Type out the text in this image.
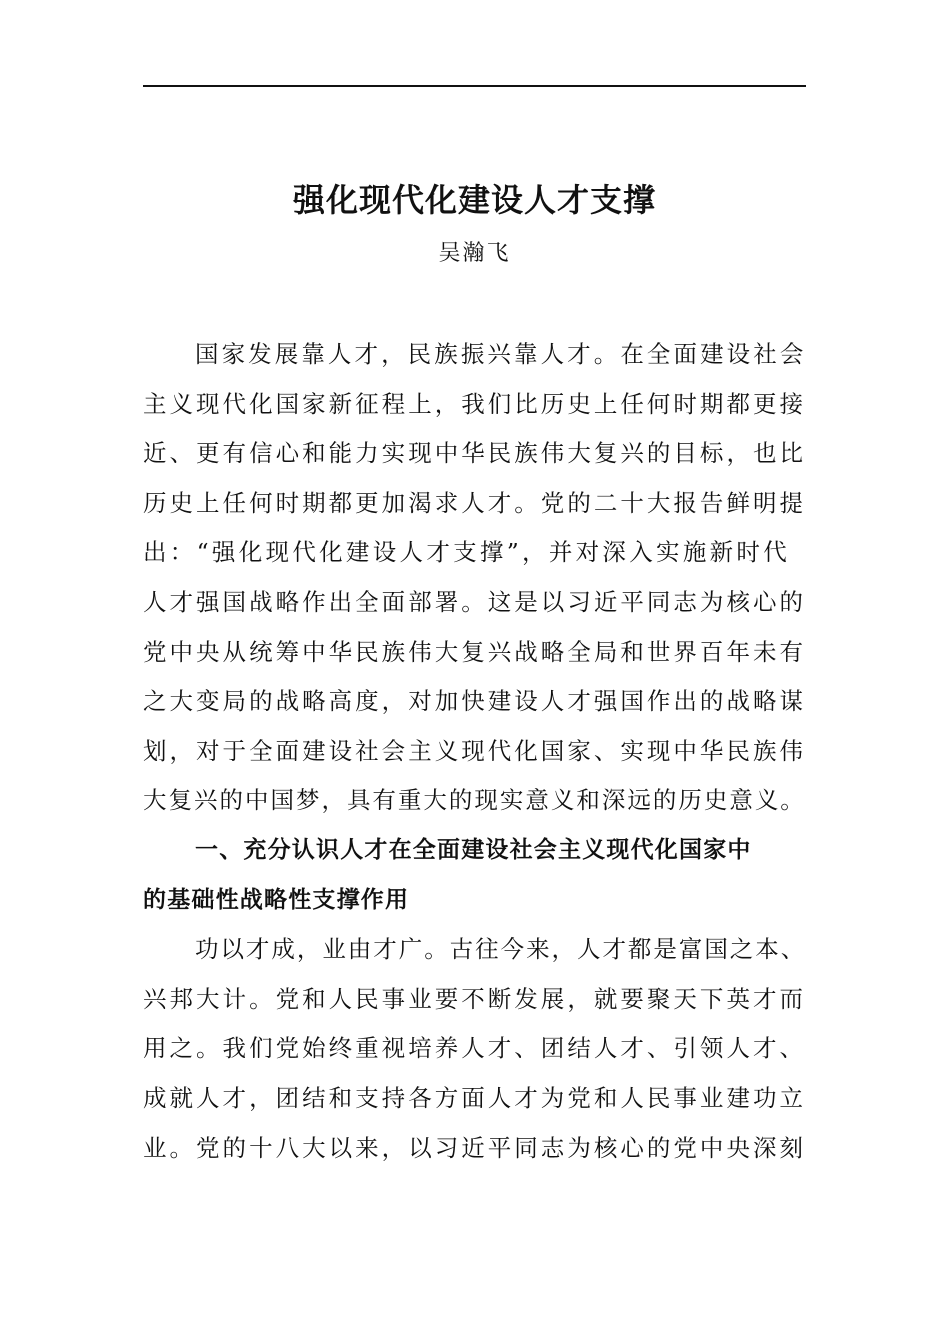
强化现代化建设人才支撑
吴瀚飞
国家发展靠人才，民族振兴靠人才。在全面建设社会
主义现代化国家新征程上，我们比历史上任何时期都更接
近、更有信心和能力实现中华民族伟大复兴的目标，也比
历史上任何时期都更加渴求人才。党的二十大报告鲜明提
出：“强化现代化建设人才支撑”，并对深入实施新时代
人才强国战略作出全面部署。这是以习近平同志为核心的
党中央从统筹中华民族伟大复兴战略全局和世界百年未有
之大变局的战略高度，对加快建设人才强国作出的战略谋
划，对于全面建设社会主义现代化国家、实现中华民族伟
大复兴的中国梦，具有重大的现实意义和深远的历史意义。
一、充分认识人才在全面建设社会主义现代化国家中
的基础性战略性支撑作用
功以才成，业由才广。古往今来，人才都是富国之本、
兴邦大计。党和人民事业要不断发展，就要聚天下英才而
用之。我们党始终重视培养人才、团结人才、引领人才、
成就人才，团结和支持各方面人才为党和人民事业建功立
业。党的十八大以来，以习近平同志为核心的党中央深刻
